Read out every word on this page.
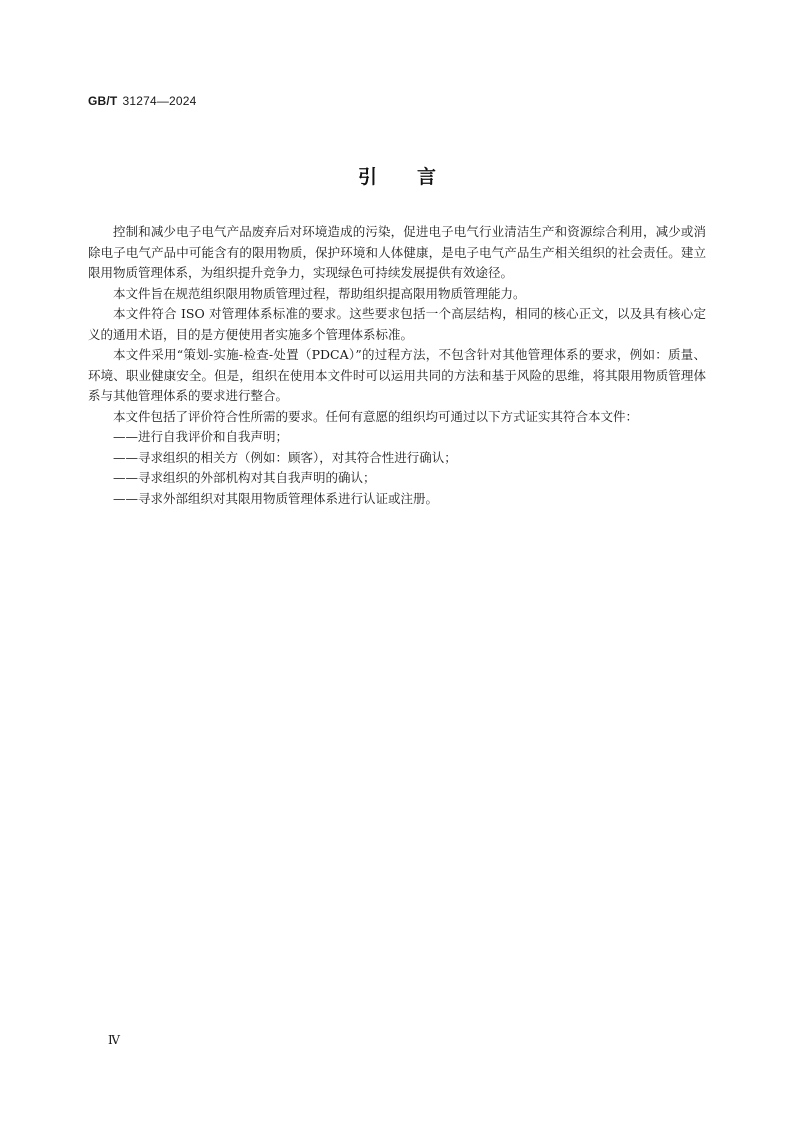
GB/T 31274—2024
引言

控制和减少电子电气产品废弃后对环境造成的污染，促进电子电气行业清洁生产和资源综合利用，减少或消除电子电气产品中可能含有的限用物质，保护环境和人体健康，是电子电气产品生产相关组织的社会责任。建立限用物质管理体系，为组织提升竞争力，实现绿色可持续发展提供有效途径。

本文件旨在规范组织限用物质管理过程，帮助组织提高限用物质管理能力。

本文件符合 ISO 对管理体系标准的要求。这些要求包括一个高层结构，相同的核心正文，以及具有核心定义的通用术语，目的是方便使用者实施多个管理体系标准。

本文件采用“策划-实施-检查-处置（PDCA）”的过程方法，不包含针对其他管理体系的要求，例如：质量、环境、职业健康安全。但是，组织在使用本文件时可以运用共同的方法和基于风险的思维，将其限用物质管理体系与其他管理体系的要求进行整合。

本文件包括了评价符合性所需的要求。任何有意愿的组织均可通过以下方式证实其符合本文件：

——进行自我评价和自我声明；

——寻求组织的相关方（例如：顾客），对其符合性进行确认；

——寻求组织的外部机构对其自我声明的确认；

——寻求外部组织对其限用物质管理体系进行认证或注册。

Ⅳ
